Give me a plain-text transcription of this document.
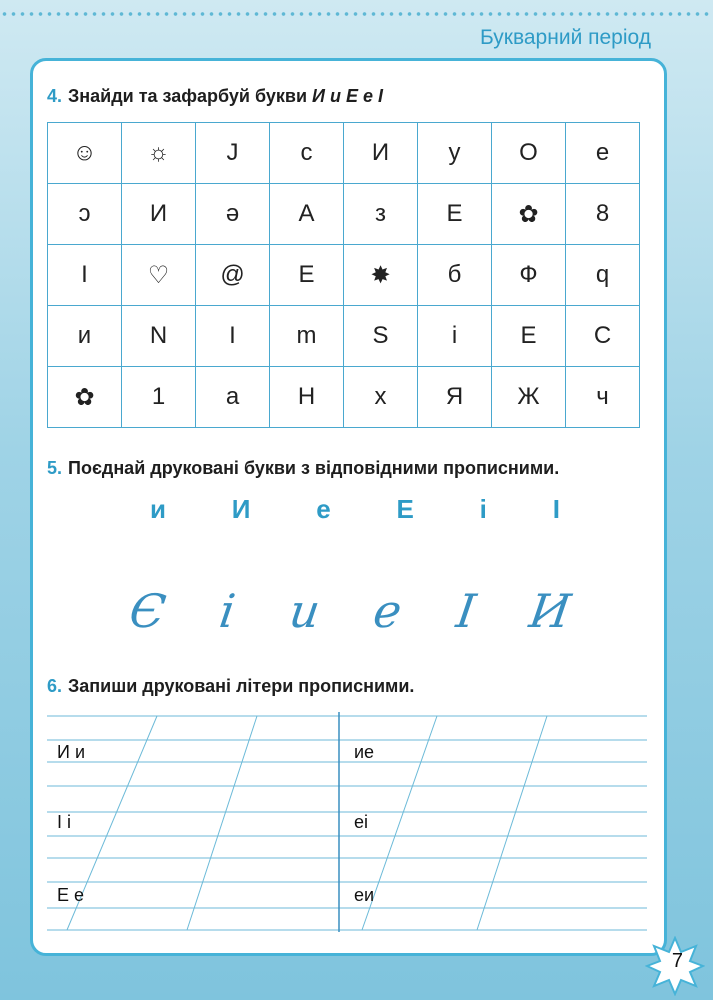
Букварний період
4. Знайди та зафарбуй букви И и Е е І
☺	☼	J	с	И	у	О	е
ɔ	И	ə	А	з	Е	✿	8
І	♡	@	Е	✸	б	Ф	q
и	N	І	m	S	і	Е	С
✿	1	а	Н	х	Я	Ж	ч
5. Поєднай друковані букви з відповідними прописними.
и	И	е	Е	і	І
Є і и е І И
6. Запиши друковані літери прописними.
И и
І і
Е е
ие
еі
еи
7
